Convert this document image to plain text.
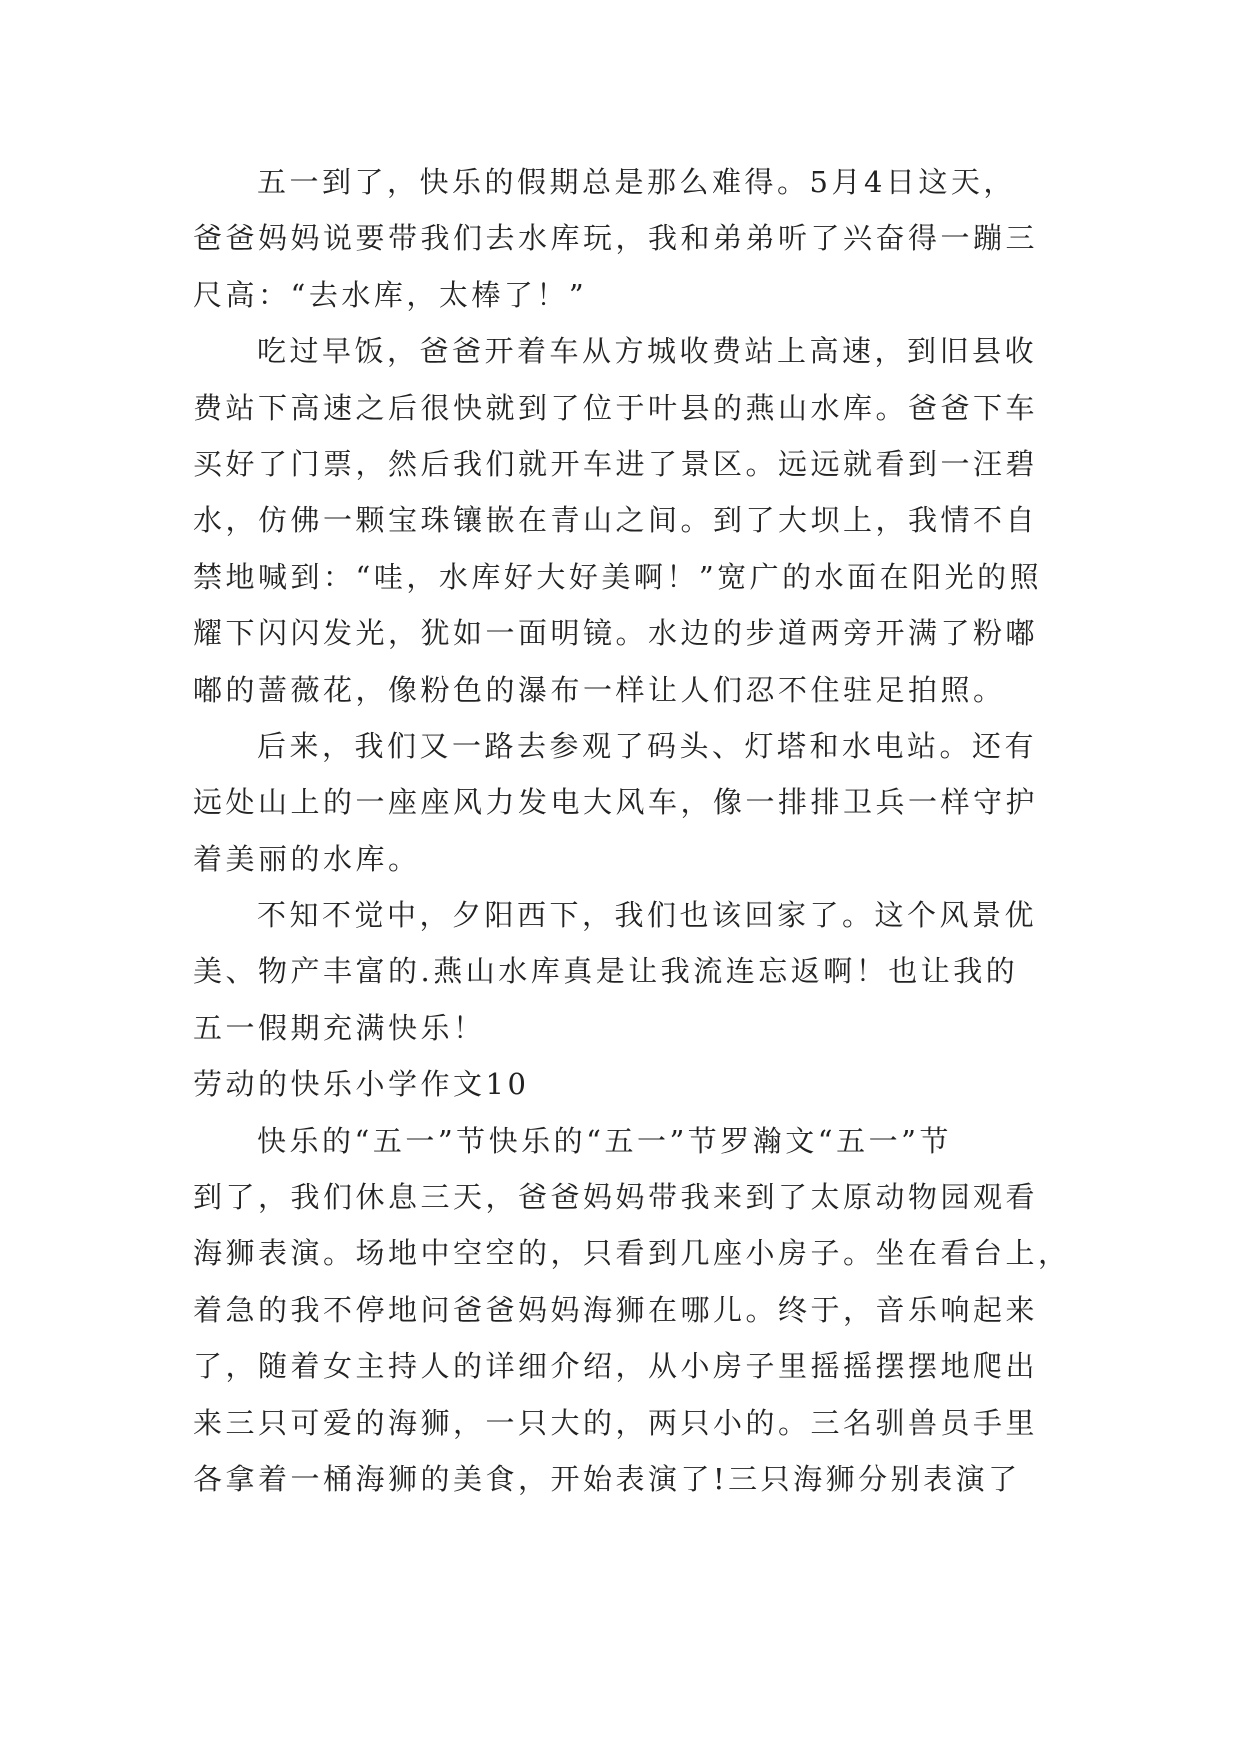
五一到了，快乐的假期总是那么难得。5月4日这天，
爸爸妈妈说要带我们去水库玩，我和弟弟听了兴奋得一蹦三
尺高：“去水库，太棒了！”
吃过早饭，爸爸开着车从方城收费站上高速，到旧县收
费站下高速之后很快就到了位于叶县的燕山水库。爸爸下车
买好了门票，然后我们就开车进了景区。远远就看到一汪碧
水，仿佛一颗宝珠镶嵌在青山之间。到了大坝上，我情不自
禁地喊到：“哇，水库好大好美啊！”宽广的水面在阳光的照
耀下闪闪发光，犹如一面明镜。水边的步道两旁开满了粉嘟
嘟的蔷薇花，像粉色的瀑布一样让人们忍不住驻足拍照。
后来，我们又一路去参观了码头、灯塔和水电站。还有
远处山上的一座座风力发电大风车，像一排排卫兵一样守护
着美丽的水库。
不知不觉中，夕阳西下，我们也该回家了。这个风景优
美、物产丰富的.燕山水库真是让我流连忘返啊！也让我的
五一假期充满快乐！
劳动的快乐小学作文10
快乐的“五一”节快乐的“五一”节罗瀚文“五一”节
到了，我们休息三天，爸爸妈妈带我来到了太原动物园观看
海狮表演。场地中空空的，只看到几座小房子。坐在看台上，
着急的我不停地问爸爸妈妈海狮在哪儿。终于，音乐响起来
了，随着女主持人的详细介绍，从小房子里摇摇摆摆地爬出
来三只可爱的海狮，一只大的，两只小的。三名驯兽员手里
各拿着一桶海狮的美食，开始表演了!三只海狮分别表演了
